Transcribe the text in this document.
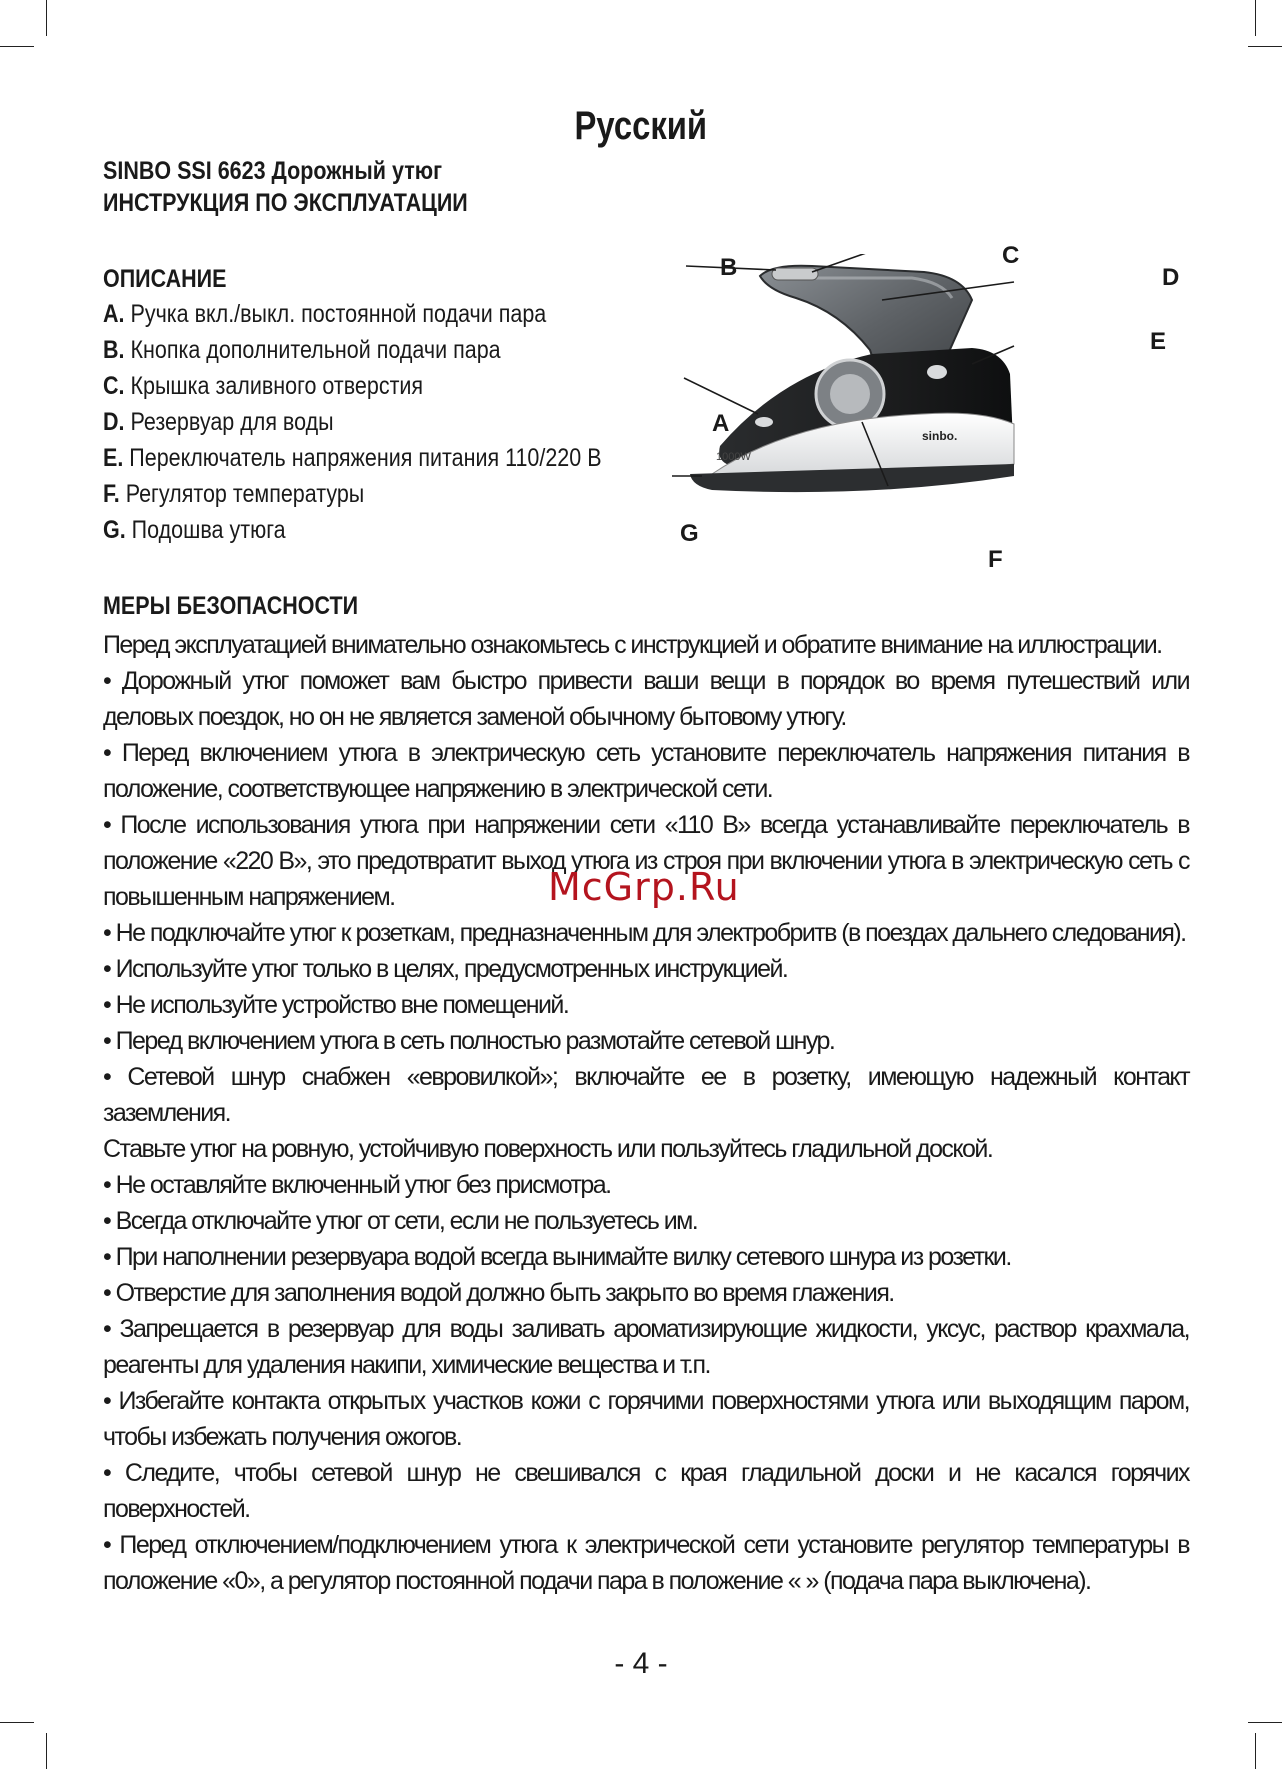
Русский
SINBO SSI 6623 Дорожный утюг
ИНСТРУКЦИЯ ПО ЭКСПЛУАТАЦИИ
ОПИСАНИЕ
A. Ручка вкл./выкл. постоянной подачи пара
B. Кнопка дополнительной подачи пара
C. Крышка заливного отверстия
D. Резервуар для воды
E. Переключатель напряжения питания 110/220 В
F. Регулятор температуры
G. Подошва утюга
sinbo.
1000W
B	C
D
E
A
G
F
МЕРЫ БЕЗОПАСНОСТИ
Перед эксплуатацией внимательно ознакомьтесь с инструкцией и обратите внимание на иллюстрации.
• Дорожный утюг поможет вам быстро привести ваши вещи в порядок во время путешествий или деловых поездок, но он не является заменой обычному бытовому утюгу.
• Перед включением утюга в электрическую сеть установите переключатель напряжения питания в положение, соответствующее напряжению в электрической сети.
• После использования утюга при напряжении сети «110 В» всегда устанавливайте переключатель в положение «220 В», это предотвратит выход утюга из строя при включении утюга в электрическую сеть с повышенным напряжением.
• Не подключайте утюг к розеткам, предназначенным для электробритв (в поездах дальнего следования).
• Используйте утюг только в целях, предусмотренных инструкцией.
• Не используйте устройство вне помещений.
• Перед включением утюга в сеть полностью размотайте сетевой шнур.
• Сетевой шнур снабжен «евровилкой»; включайте ее в розетку, имеющую надежный контакт заземления.
Ставьте утюг на ровную, устойчивую поверхность или пользуйтесь гладильной доской.
• Не оставляйте включенный утюг без присмотра.
• Всегда отключайте утюг от сети, если не пользуетесь им.
• При наполнении резервуара водой всегда вынимайте вилку сетевого шнура из розетки.
• Отверстие для заполнения водой должно быть закрыто во время глажения.
• Запрещается в резервуар для воды заливать ароматизирующие жидкости, уксус, раствор крахмала, реагенты для удаления накипи, химические вещества и т.п.
• Избегайте контакта открытых участков кожи с горячими поверхностями утюга или выходящим паром, чтобы избежать получения ожогов.
• Следите, чтобы сетевой шнур не свешивался с края гладильной доски и не касался горячих поверхностей.
• Перед отключением/подключением утюга к электрической сети установите регулятор температуры в положение «0», а регулятор постоянной подачи пара в положение « » (подача пара выключена).
McGrp.Ru
- 4 -
